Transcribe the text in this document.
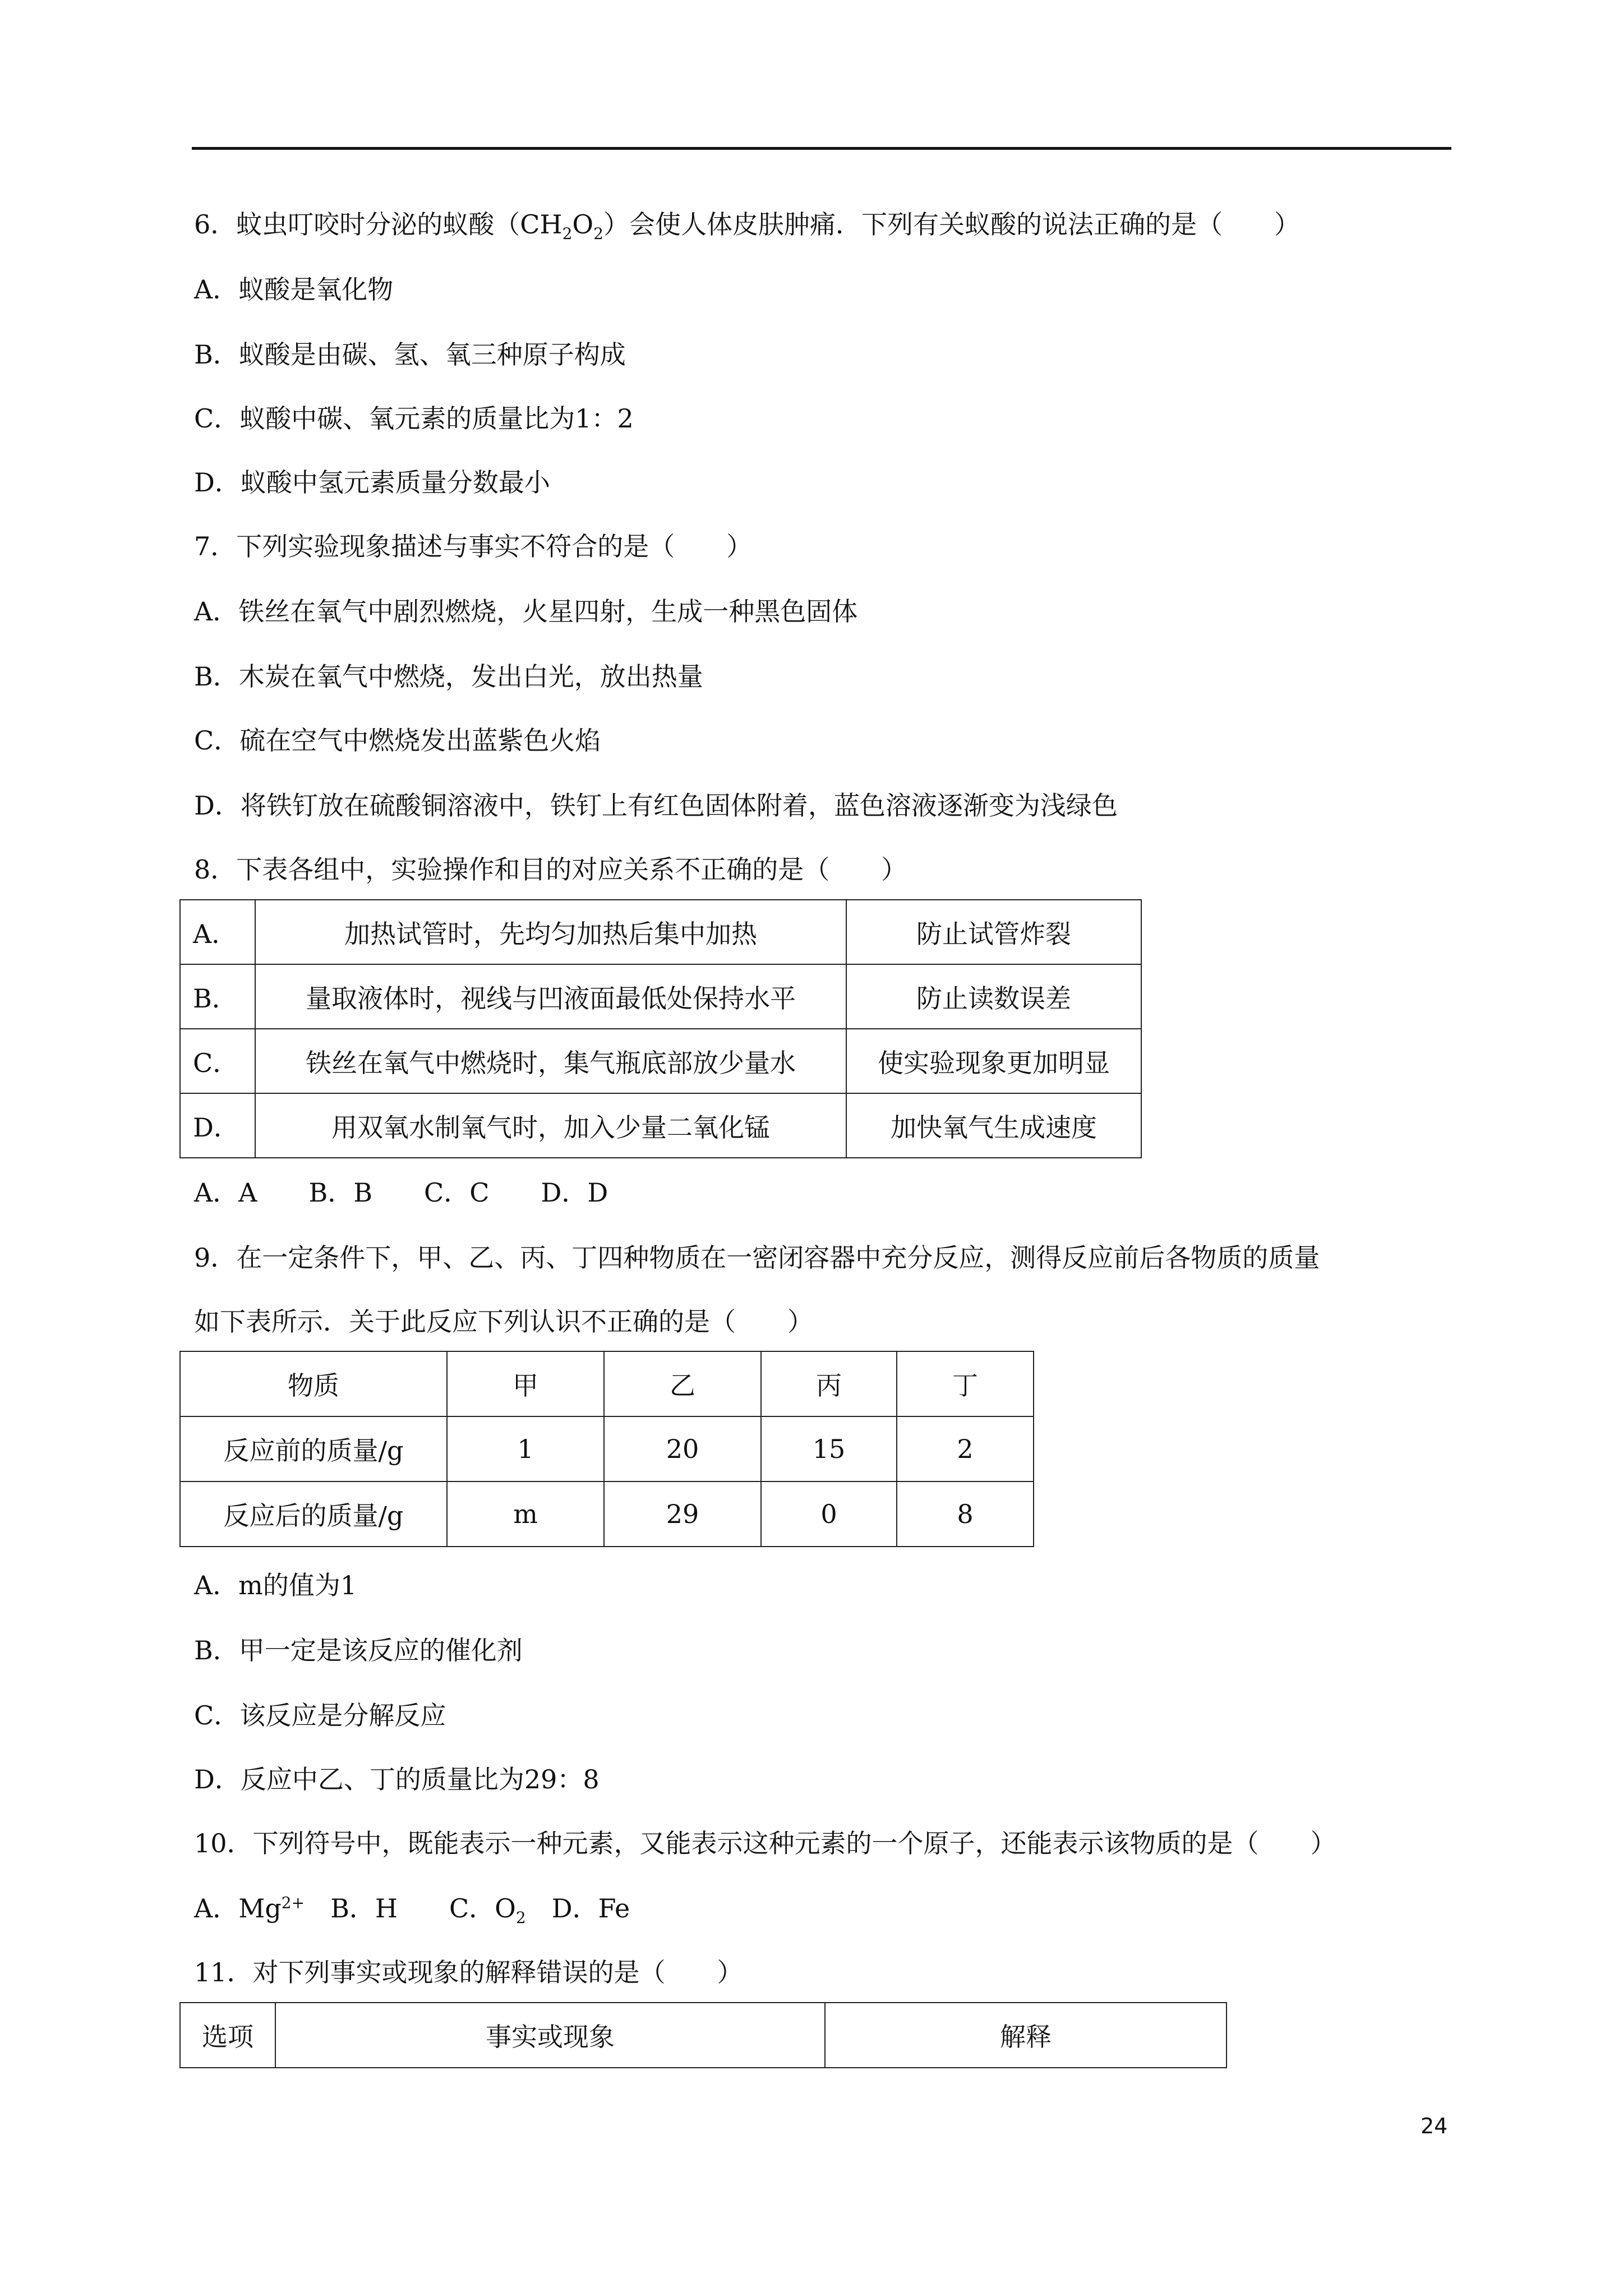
6．蚊虫叮咬时分泌的蚁酸$(CH_2O_2)$会使人体皮肤肿痛．下列有关蚁酸的说法正确的是（　　）
A．蚁酸是氧化物
B．蚁酸是由碳、氢、氧三种原子构成
C．蚁酸中碳、氧元素的质量比为1：2
D．蚁酸中氢元素质量分数最小
7．下列实验现象描述与事实不符合的是（　　）
A．铁丝在氧气中剧烈燃烧，火星四射，生成一种黑色固体
B．木炭在氧气中燃烧，发出白光，放出热量
C．硫在空气中燃烧发出蓝紫色火焰
D．将铁钉放在硫酸铜溶液中，铁钉上有红色固体附着，蓝色溶液逐渐变为浅绿色
8．下表各组中，实验操作和目的对应关系不正确的是（　　）
A．	加热试管时，先均匀加热后集中加热	防止试管炸裂
B．	量取液体时，视线与凹液面最低处保持水平	防止读数误差
C．	铁丝在氧气中燃烧时，集气瓶底部放少量水	使实验现象更加明显
D．	用双氧水制氧气时，加入少量二氧化锰	加快氧气生成速度
A．A　　B．B　　C．C　　D．D
9．在一定条件下，甲、乙、丙、丁四种物质在一密闭容器中充分反应，测得反应前后各物质的质量
如下表所示．关于此反应下列认识不正确的是（　　）
物质	甲	乙	丙	丁
反应前的质量/g	1	20	15	2
反应后的质量/g	m	29	0	8
A．m的值为1
B．甲一定是该反应的催化剂
C．该反应是分解反应
D．反应中乙、丁的质量比为29：8
10．下列符号中，既能表示一种元素，又能表示这种元素的一个原子，还能表示该物质的是（　　）
A．$Mg^{2+}$　B．H　　C．$O_2$　D．Fe
11．对下列事实或现象的解释错误的是（　　）
选项	事实或现象	解释
24
